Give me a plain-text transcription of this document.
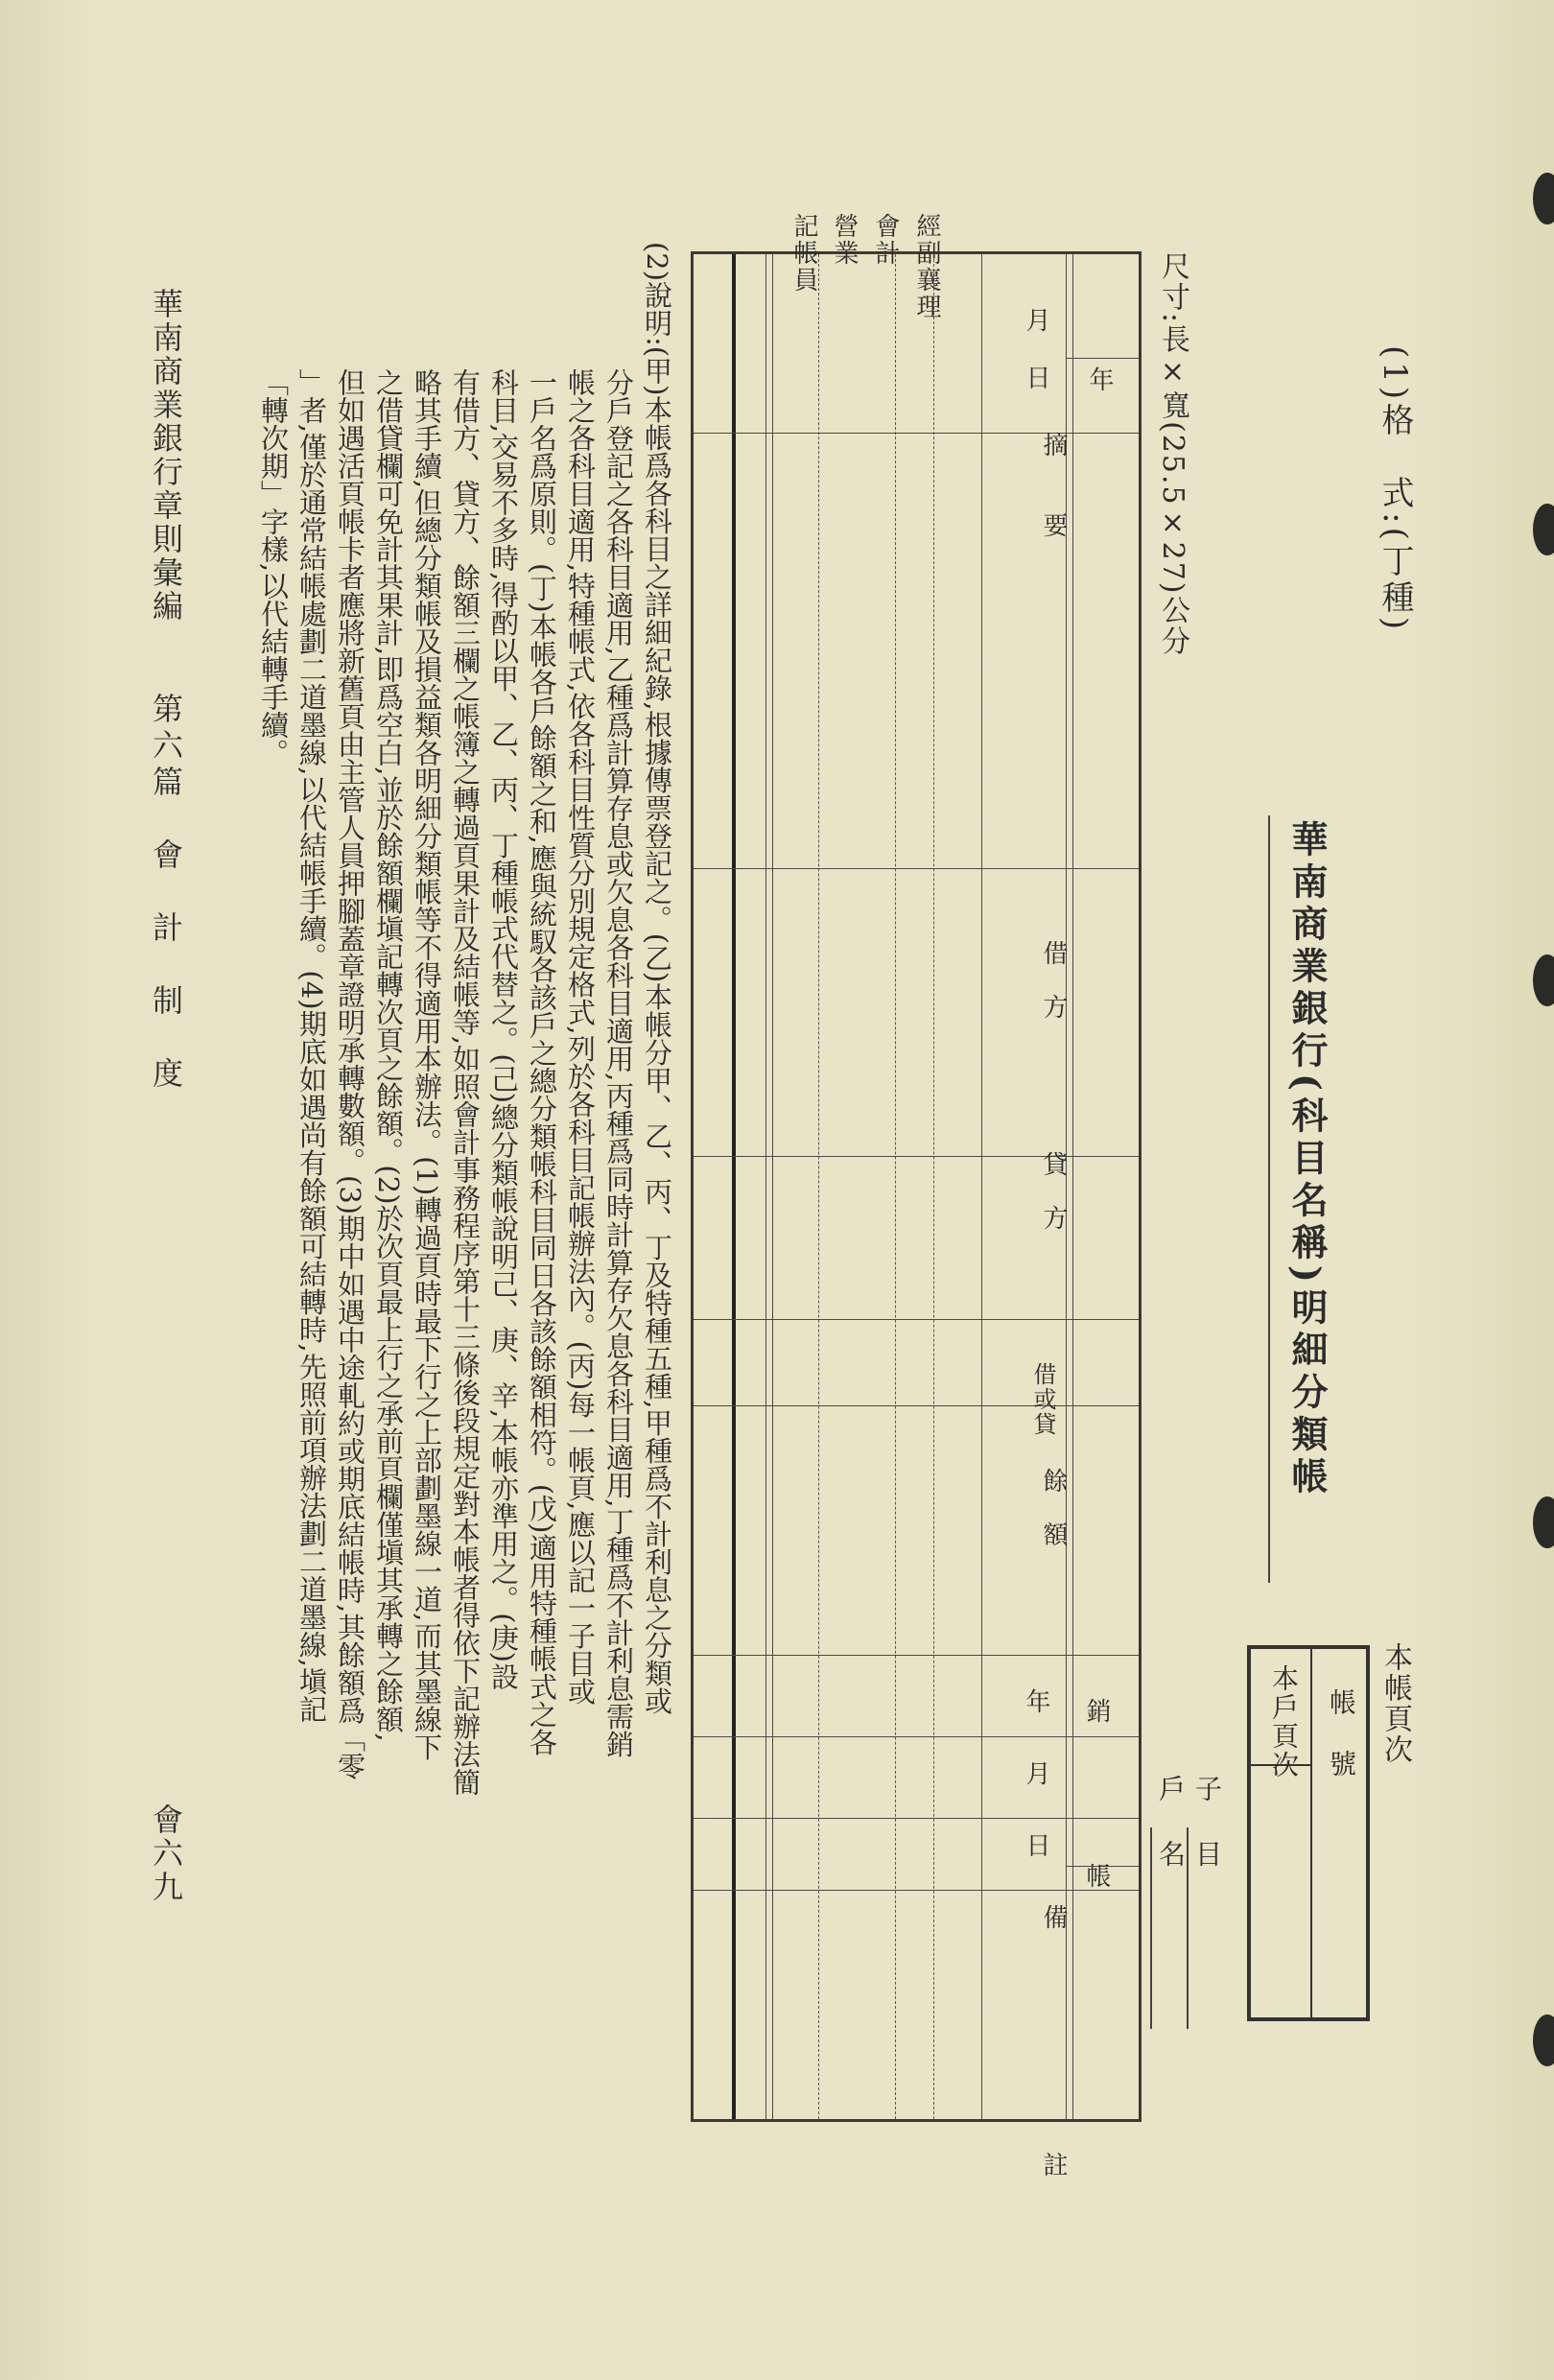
(1)格　式:(丁種)
尺寸:長×寬(25.5×27)公分
華南商業銀行(科目名稱)明細分類帳
本帳頁次
帳　號
本戶頁次
子　目
戶　名
年
月
日
摘　　要
借　方
貸　方
借或貸
餘　額
銷　帳
年
月
日
備　　註
經副襄理
會計
營業
記帳員
(2)說明:(甲)本帳爲各科目之詳細紀錄,根據傳票登記之。(乙)本帳分甲、乙、丙、丁及特種五種,甲種爲不計利息之分類或
分戶登記之各科目適用,乙種爲計算存息或欠息各科目適用,丙種爲同時計算存欠息各科目適用,丁種爲不計利息需銷
帳之各科目適用,特種帳式,依各科目性質分別規定格式,列於各科目記帳辦法內。(丙)每一帳頁,應以記一子目或
一戶名爲原則。(丁)本帳各戶餘額之和,應與統馭各該戶之總分類帳科目同日各該餘額相符。(戊)適用特種帳式之各
科目,交易不多時,得酌以甲、乙、丙、丁種帳式代替之。(己)總分類帳說明己、庚、辛,本帳亦準用之。(庚)設
有借方、貸方、餘額三欄之帳簿之轉過頁果計及結帳等,如照會計事務程序第十三條後段規定對本帳者得依下記辦法簡
略其手續,但總分類帳及損益類各明細分類帳等不得適用本辦法。(1)轉過頁時最下行之上部劃墨線一道,而其墨線下
之借貸欄可免計其果計,即爲空白,並於餘額欄塡記轉次頁之餘額。(2)於次頁最上行之承前頁欄僅塡其承轉之餘額,
但如遇活頁帳卡者應將新舊頁由主管人員押腳蓋章證明承轉數額。(3)期中如遇中途軋約或期底結帳時,其餘額爲「零
」者,僅於通常結帳處劃二道墨線,以代結帳手續。(4)期底如遇尚有餘額可結轉時,先照前項辦法劃二道墨線,塡記
「轉次期」字樣,以代結轉手續。
華南商業銀行章則彙編
第六篇　會　計　制　度
會六九
